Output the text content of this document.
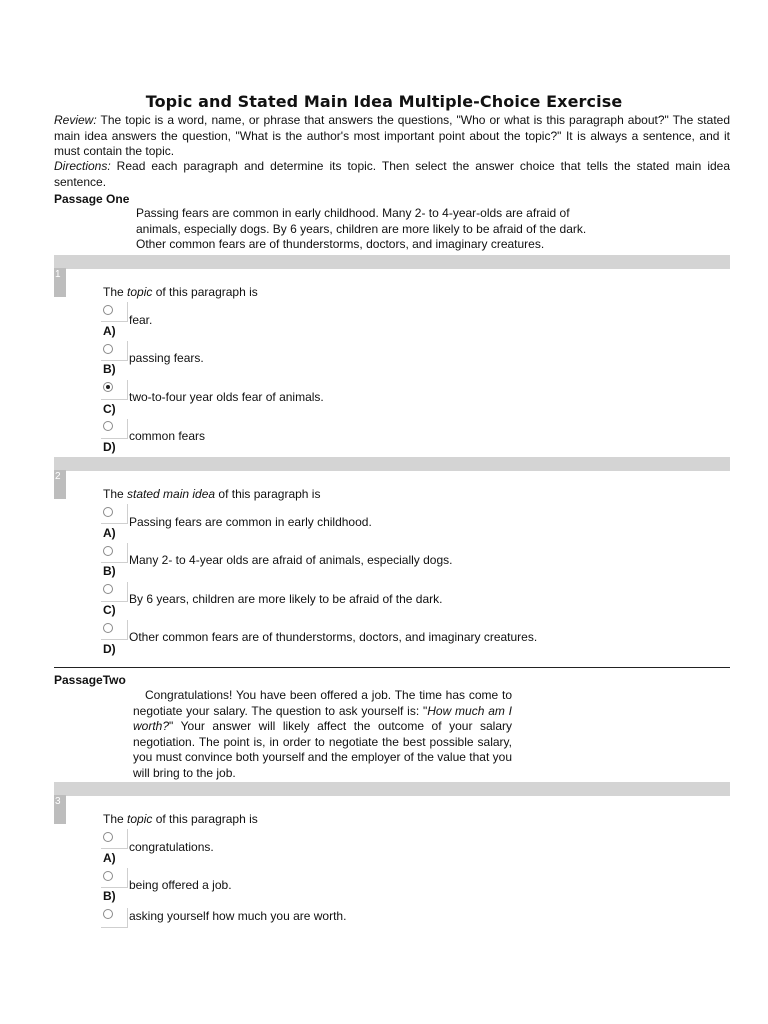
Topic and Stated Main Idea Multiple-Choice Exercise
Review: The topic is a word, name, or phrase that answers the questions, "Who or what is this paragraph about?" The stated main idea answers the question, "What is the author's most important point about the topic?" It is always a sentence, and it must contain the topic.
Directions: Read each paragraph and determine its topic. Then select the answer choice that tells the stated main idea sentence.
Passage One
Passing fears are common in early childhood. Many 2- to 4-year-olds are afraid of animals, especially dogs. By 6 years, children are more likely to be afraid of the dark. Other common fears are of thunderstorms, doctors, and imaginary creatures.
1
The topic of this paragraph is
fear.
A)
passing fears.
B)
two-to-four year olds fear of animals.
C)
common fears
D)
2
The stated main idea of this paragraph is
Passing fears are common in early childhood.
A)
Many 2- to 4-year olds are afraid of animals, especially dogs.
B)
By 6 years, children are more likely to be afraid of the dark.
C)
Other common fears are of thunderstorms, doctors, and imaginary creatures.
D)
PassageTwo
Congratulations! You have been offered a job. The time has come to negotiate your salary. The question to ask yourself is: "How much am I worth?" Your answer will likely affect the outcome of your salary negotiation. The point is, in order to negotiate the best possible salary, you must convince both yourself and the employer of the value that you will bring to the job.
3
The topic of this paragraph is
congratulations.
A)
being offered a job.
B)
asking yourself how much you are worth.
